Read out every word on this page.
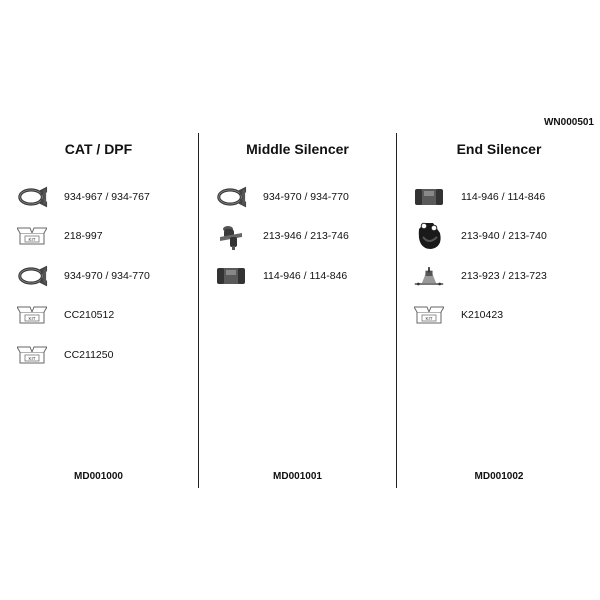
WN000501
CAT / DPF
934-967 / 934-767
KIT	218-997
934-970 / 934-770
KIT	CC210512
KIT	CC211250
MD001000
Middle Silencer
934-970 / 934-770
213-946 / 213-746
114-946 / 114-846
MD001001
End Silencer
114-946 / 114-846
213-940 / 213-740
213-923 / 213-723
KIT	K210423
MD001002
